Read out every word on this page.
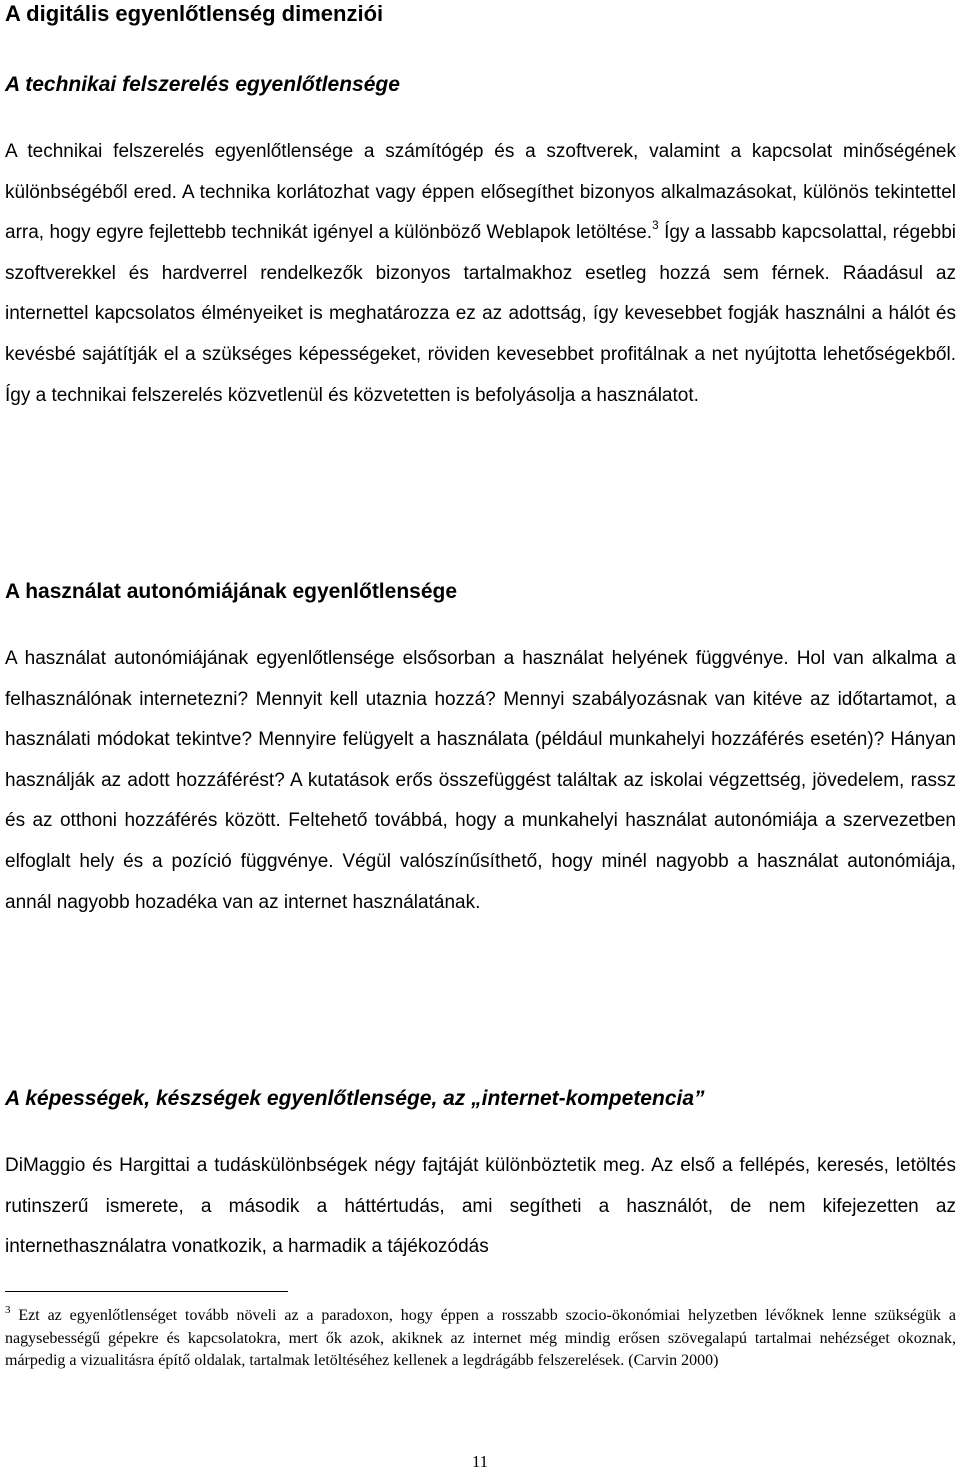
A digitális egyenlőtlenség dimenziói
A technikai felszerelés egyenlőtlensége

A technikai felszerelés egyenlőtlensége a számítógép és a szoftverek, valamint a kapcsolat minőségének különbségéből ered. A technika korlátozhat vagy éppen elősegíthet bizonyos alkalmazásokat, különös tekintettel arra, hogy egyre fejlettebb technikát igényel a különböző Weblapok letöltése.$^3$ Így a lassabb kapcsolattal, régebbi szoftverekkel és hardverrel rendelkezők bizonyos tartalmakhoz esetleg hozzá sem férnek. Ráadásul az internettel kapcsolatos élményeiket is meghatározza ez az adottság, így kevesebbet fogják használni a hálót és kevésbé sajátítják el a szükséges képességeket, röviden kevesebbet profitálnak a net nyújtotta lehetőségekből. Így a technikai felszerelés közvetlenül és közvetetten is befolyásolja a használatot.

A használat autonómiájának egyenlőtlensége

A használat autonómiájának egyenlőtlensége elsősorban a használat helyének függvénye. Hol van alkalma a felhasználónak internetezni? Mennyit kell utaznia hozzá? Mennyi szabályozásnak van kitéve az időtartamot, a használati módokat tekintve? Mennyire felügyelt a használata (például munkahelyi hozzáférés esetén)? Hányan használják az adott hozzáférést? A kutatások erős összefüggést találtak az iskolai végzettség, jövedelem, rassz és az otthoni hozzáférés között. Feltehető továbbá, hogy a munkahelyi használat autonómiája a szervezetben elfoglalt hely és a pozíció függvénye. Végül valószínűsíthető, hogy minél nagyobb a használat autonómiája, annál nagyobb hozadéka van az internet használatának.

A képességek, készségek egyenlőtlensége, az „internet-kompetencia”

DiMaggio és Hargittai a tudáskülönbségek négy fajtáját különböztetik meg. Az első a fellépés, keresés, letöltés rutinszerű ismerete, a második a háttértudás, ami segítheti a használót, de nem kifejezetten az internethasználatra vonatkozik, a harmadik a tájékozódás

$^3$ Ezt az egyenlőtlenséget tovább növeli az a paradoxon, hogy éppen a rosszabb szocio-ökonómiai helyzetben lévőknek lenne szükségük a nagysebességű gépekre és kapcsolatokra, mert ők azok, akiknek az internet még mindig erősen szövegalapú tartalmai nehézséget okoznak, márpedig a vizualitásra építő oldalak, tartalmak letöltéséhez kellenek a legdrágább felszerelések. (Carvin 2000)

11
